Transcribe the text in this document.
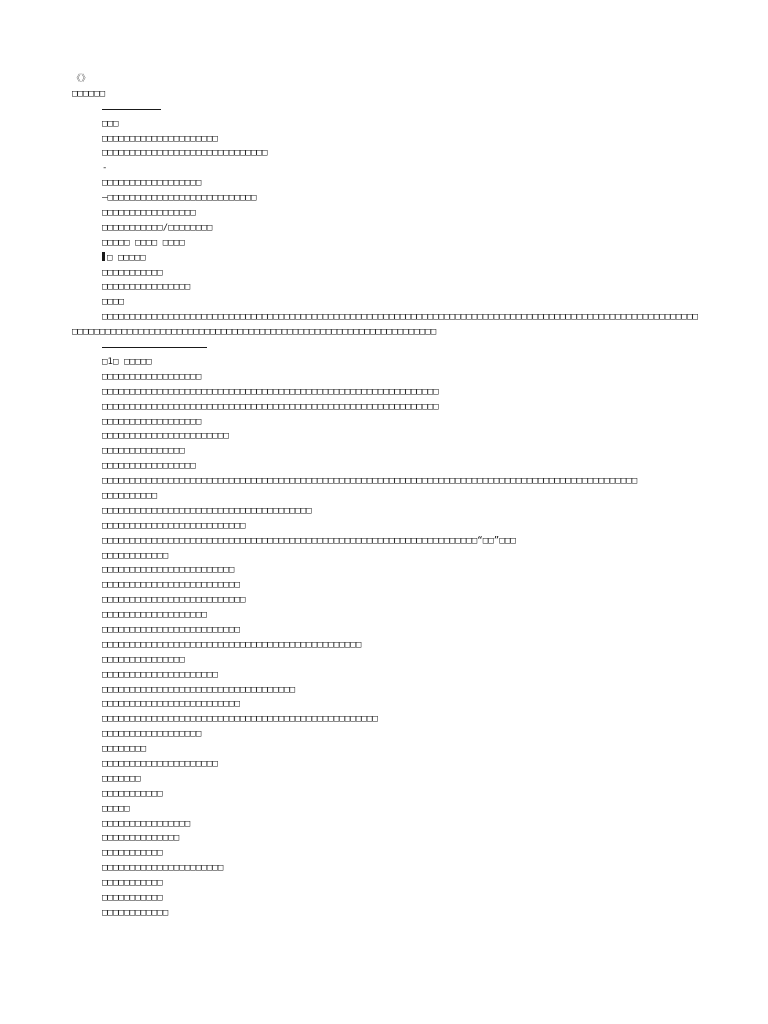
《》
□□□□□□
□□□
□□□□□□□□□□□□□□□□□□□□□
□□□□□□□□□□□□□□□□□□□□□□□□□□□□□□
-
□□□□□□□□□□□□□□□□□□
—□□□□□□□□□□□□□□□□□□□□□□□□□□□
□□□□□□□□□□□□□□□□□
□□□□□□□□□□□/□□□□□□□□
□□□□□ □□□□ □□□□
□ □□□□□
□□□□□□□□□□□
□□□□□□□□□□□□□□□□
□□□□
□□□□□□□□□□□□□□□□□□□□□□□□□□□□□□□□□□□□□□□□□□□□□□□□□□□□□□□□□□□□□□□□□□□□□□□□□□□□□□□□□□□□□□□□□□□□□□□□□□□□□□□□□□□□□□□□□□□□□□□□□□□□□□□□□□□□□□□□□□□□□□□□□□□□□□□□□□□□□□□□□□□□□□□□□□□□□□
□1□ □□□□□
□□□□□□□□□□□□□□□□□□
□□□□□□□□□□□□□□□□□□□□□□□□□□□□□□□□□□□□□□□□□□□□□□□□□□□□□□□□□□□□□
□□□□□□□□□□□□□□□□□□□□□□□□□□□□□□□□□□□□□□□□□□□□□□□□□□□□□□□□□□□□□
□□□□□□□□□□□□□□□□□□
□□□□□□□□□□□□□□□□□□□□□□□
□□□□□□□□□□□□□□□
□□□□□□□□□□□□□□□□□
□□□□□□□□□□□□□□□□□□□□□□□□□□□□□□□□□□□□□□□□□□□□□□□□□□□□□□□□□□□□□□□□□□□□□□□□□□□□□□□□□□□□□□□□□□□□□□□□□
□□□□□□□□□□
□□□□□□□□□□□□□□□□□□□□□□□□□□□□□□□□□□□□□□
□□□□□□□□□□□□□□□□□□□□□□□□□□
□□□□□□□□□□□□□□□□□□□□□□□□□□□□□□□□□□□□□□□□□□□□□□□□□□□□□□□□□□□□□□□□□□□□“□□”□□□
□□□□□□□□□□□□
□□□□□□□□□□□□□□□□□□□□□□□□
□□□□□□□□□□□□□□□□□□□□□□□□□
□□□□□□□□□□□□□□□□□□□□□□□□□□
□□□□□□□□□□□□□□□□□□□
□□□□□□□□□□□□□□□□□□□□□□□□□
□□□□□□□□□□□□□□□□□□□□□□□□□□□□□□□□□□□□□□□□□□□□□□□
□□□□□□□□□□□□□□□
□□□□□□□□□□□□□□□□□□□□□
□□□□□□□□□□□□□□□□□□□□□□□□□□□□□□□□□□□
□□□□□□□□□□□□□□□□□□□□□□□□□
□□□□□□□□□□□□□□□□□□□□□□□□□□□□□□□□□□□□□□□□□□□□□□□□□□
□□□□□□□□□□□□□□□□□□
□□□□□□□□
□□□□□□□□□□□□□□□□□□□□□
□□□□□□□
□□□□□□□□□□□
□□□□□
□□□□□□□□□□□□□□□□
□□□□□□□□□□□□□□
□□□□□□□□□□□
□□□□□□□□□□□□□□□□□□□□□□
□□□□□□□□□□□
□□□□□□□□□□□
□□□□□□□□□□□□
